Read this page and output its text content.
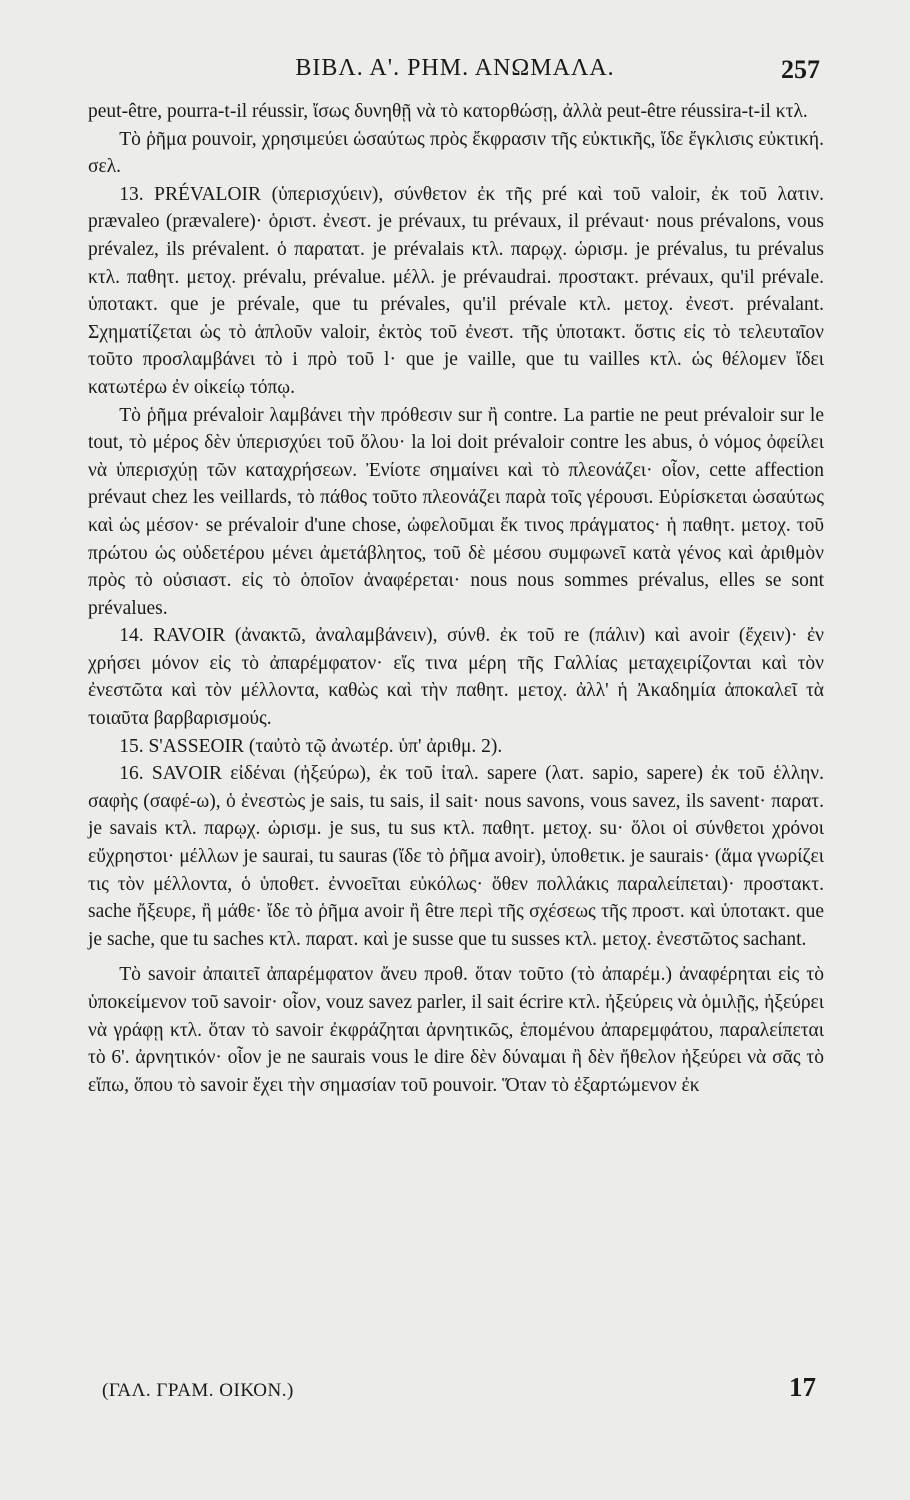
ΒΙΒΛ. Α'. ΡΗΜ. ΑΝΩΜΑΛΑ.	257

peut-être, pourra-t-il réussir, ἴσως δυνηθῇ νὰ τὸ κατορθώσῃ, ἀλλὰ peut-être réussira-t-il κτλ.

Τὸ ῥῆμα pouvoir, χρησιμεύει ὡσαύτως πρὸς ἔκφρασιν τῆς εὐκτικῆς, ἴδε ἔγκλισις εὐκτική. σελ.

13. PRÉVALOIR (ὑπερισχύειν), σύνθετον ἐκ τῆς pré καὶ τοῦ valoir, ἐκ τοῦ λατιν. prævaleo (prævalere)· ὁριστ. ἐνεστ. je prévaux, tu prévaux, il prévaut· nous prévalons, vous prévalez, ils prévalent. ὁ παρατατ. je prévalais κτλ. παρῳχ. ὡρισμ. je prévalus, tu prévalus κτλ. παθητ. μετοχ. prévalu, prévalue. μέλλ. je prévaudrai. προστακτ. prévaux, qu'il prévale. ὑποτακτ. que je prévale, que tu prévales, qu'il prévale κτλ. μετοχ. ἐνεστ. prévalant. Σχηματίζεται ὡς τὸ ἁπλοῦν valoir, ἐκτὸς τοῦ ἐνεστ. τῆς ὑποτακτ. ὅστις εἰς τὸ τελευταῖον τοῦτο προσλαμβάνει τὸ i πρὸ τοῦ l· que je vaille, que tu vailles κτλ. ὡς θέλομεν ἴδει κατωτέρω ἐν οἰκείῳ τόπῳ.

Τὸ ῥῆμα prévaloir λαμβάνει τὴν πρόθεσιν sur ἢ contre. La partie ne peut prévaloir sur le tout, τὸ μέρος δὲν ὑπερισχύει τοῦ ὅλου· la loi doit prévaloir contre les abus, ὁ νόμος ὀφείλει νὰ ὑπερισχύῃ τῶν καταχρήσεων. Ἐνίοτε σημαίνει καὶ τὸ πλεονάζει· οἷον, cette affection prévaut chez les veillards, τὸ πάθος τοῦτο πλεονάζει παρὰ τοῖς γέρουσι. Εὑρίσκεται ὡσαύτως καὶ ὡς μέσον· se prévaloir d'une chose, ὠφελοῦμαι ἔκ τινος πράγματος· ἡ παθητ. μετοχ. τοῦ πρώτου ὡς οὐδετέρου μένει ἀμετάβλητος, τοῦ δὲ μέσου συμφωνεῖ κατὰ γένος καὶ ἀριθμὸν πρὸς τὸ οὐσιαστ. εἰς τὸ ὁποῖον ἀναφέρεται· nous nous sommes prévalus, elles se sont prévalues.

14. RAVOIR (ἀνακτῶ, ἀναλαμβάνειν), σύνθ. ἐκ τοῦ re (πάλιν) καὶ avoir (ἔχειν)· ἐν χρήσει μόνον εἰς τὸ ἀπαρέμφατον· εἴς τινα μέρη τῆς Γαλλίας μεταχειρίζονται καὶ τὸν ἐνεστῶτα καὶ τὸν μέλλοντα, καθὼς καὶ τὴν παθητ. μετοχ. ἀλλ' ἡ Ἀκαδημία ἀποκαλεῖ τὰ τοιαῦτα βαρβαρισμούς.

15. S'ASSEOIR (ταὐτὸ τῷ ἀνωτέρ. ὑπ' ἀριθμ. 2).

16. SAVOIR εἰδέναι (ἠξεύρω), ἐκ τοῦ ἰταλ. sapere (λατ. sapio, sapere) ἐκ τοῦ ἑλλην. σαφὴς (σαφέ-ω), ὁ ἐνεστὼς je sais, tu sais, il sait· nous savons, vous savez, ils savent· παρατ. je savais κτλ. παρῳχ. ὡρισμ. je sus, tu sus κτλ. παθητ. μετοχ. su· ὅλοι οἱ σύνθετοι χρόνοι εὔχρηστοι· μέλλων je saurai, tu sauras (ἴδε τὸ ῥῆμα avoir), ὑποθετικ. je saurais· (ἅμα γνωρίζει τις τὸν μέλλοντα, ὁ ὑποθετ. ἐννοεῖται εὐκόλως· ὅθεν πολλάκις παραλείπεται)· προστακτ. sache ἤξευρε, ἢ μάθε· ἴδε τὸ ῥῆμα avoir ἢ être περὶ τῆς σχέσεως τῆς προστ. καὶ ὑποτακτ. que je sache, que tu saches κτλ. παρατ. καὶ je susse que tu susses κτλ. μετοχ. ἐνεστῶτος sachant.

Τὸ savoir ἀπαιτεῖ ἀπαρέμφατον ἄνευ προθ. ὅταν τοῦτο (τὸ ἀπαρέμ.) ἀναφέρηται εἰς τὸ ὑποκείμενον τοῦ savoir· οἷον, vouz savez parler, il sait écrire κτλ. ἠξεύρεις νὰ ὁμιλῇς, ἠξεύρει νὰ γράφῃ κτλ. ὅταν τὸ savoir ἐκφράζηται ἀρνητικῶς, ἑπομένου ἀπαρεμφάτου, παραλείπεται τὸ 6'. ἀρνητικόν· οἷον je ne saurais vous le dire δὲν δύναμαι ἢ δὲν ἤθελον ἠξεύρει νὰ σᾶς τὸ εἴπω, ὅπου τὸ savoir ἔχει τὴν σημασίαν τοῦ pouvoir. Ὅταν τὸ ἐξαρτώμενον ἐκ

(ΓΑΛ. ΓΡΑΜ. ΟΙΚΟΝ.)	17
